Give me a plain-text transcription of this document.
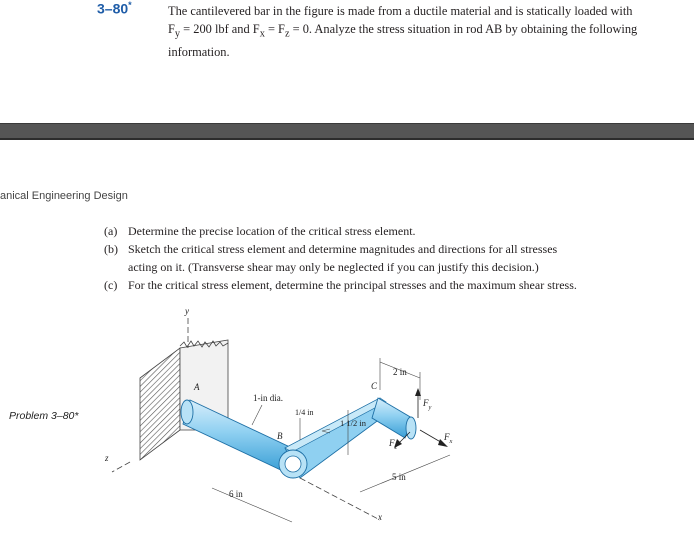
3–80*	The cantilevered bar in the figure is made from a ductile material and is statically loaded with
$F_y = 200$ lbf and $F_x = F_z = 0$. Analyze the stress situation in rod AB by obtaining the following
information.
anical Engineering Design
(a) Determine the precise location of the critical stress element.
(b) Sketch the critical stress element and determine magnitudes and directions for all stresses
acting on it. (Transverse shear may only be neglected if you can justify this decision.)
(c) For the critical stress element, determine the principal stresses and the maximum shear stress.
Problem 3–80*
y
z
A
B
C
1-in dia.
1/4 in
1 1/2 in
2 in
5 in
6 in
x
$F_y$
$F_x$
$F_z$
